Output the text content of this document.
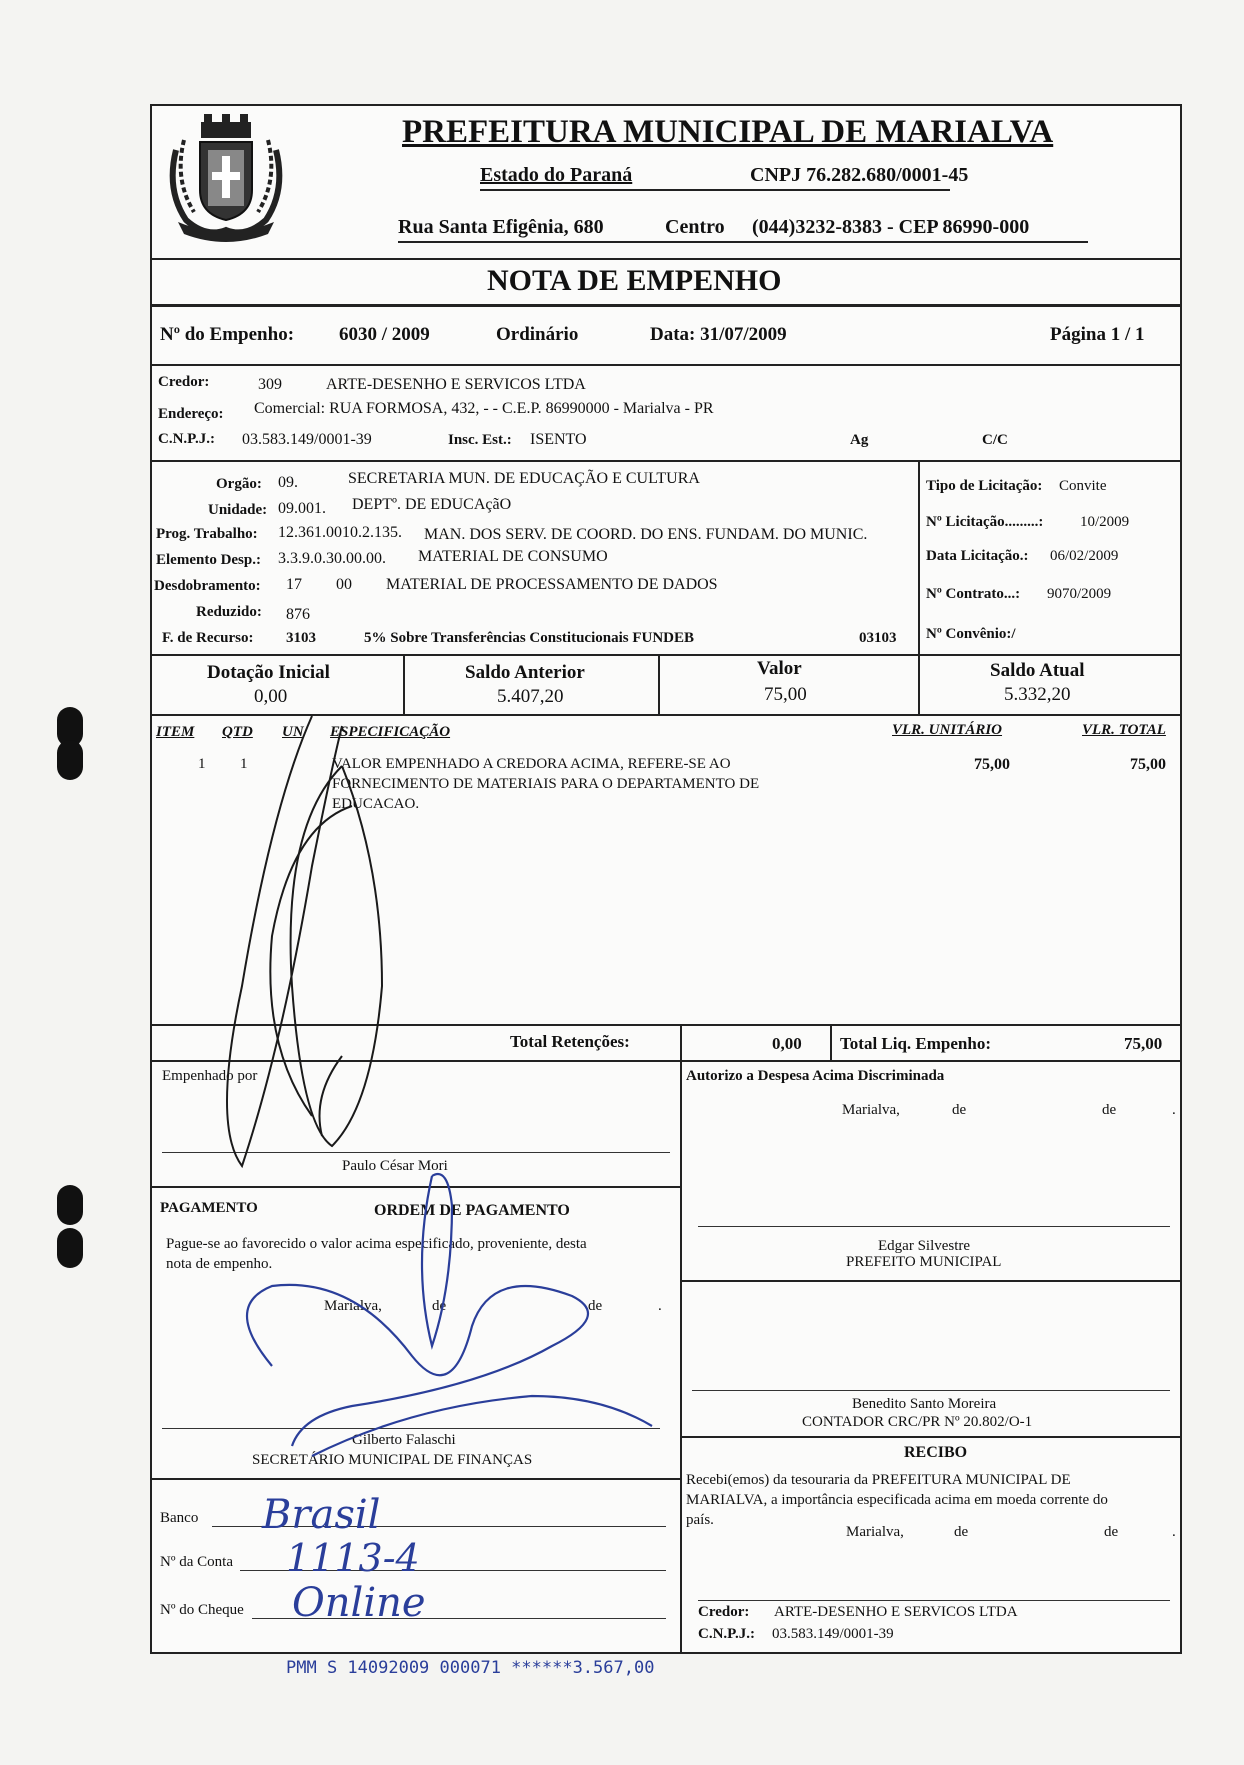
PREFEITURA MUNICIPAL DE MARIALVA
Estado do Paraná	CNPJ 76.282.680/0001-45
Rua Santa Efigênia, 680	Centro (044)3232-8383 - CEP 86990-000
NOTA DE EMPENHO
Nº do Empenho: 6030 / 2009	Ordinário	Data: 31/07/2009	Página 1 / 1
Credor:	309	ARTE-DESENHO E SERVICOS LTDA
Endereço: Comercial: RUA FORMOSA, 432, - - C.E.P. 86990000 - Marialva - PR
C.N.P.J.: 03.583.149/0001-39	Insc. Est.: ISENTO	Ag	C/C
Orgão: 09.	SECRETARIA MUN. DE EDUCAÇÃO E CULTURA
Unidade: 09.001. DEPTº. DE EDUCAçãO
Prog. Trabalho: 12.361.0010.2.135. MAN. DOS SERV. DE COORD. DO ENS. FUNDAM. DO MUNIC.
Elemento Desp.: 3.3.9.0.30.00.00. MATERIAL DE CONSUMO
Desdobramento: 17 00 MATERIAL DE PROCESSAMENTO DE DADOS
Reduzido: 876
F. de Recurso: 3103	5% Sobre Transferências Constitucionais FUNDEB	03103
Tipo de Licitação: Convite
Nº Licitação.........: 10/2009
Data Licitação.: 06/02/2009
Nº Contrato...: 9070/2009
Nº Convênio:/
Dotação Inicial
0,00
Saldo Anterior
5.407,20
Valor
75,00
Saldo Atual
5.332,20
ITEM QTD UN ESPECIFICAÇÃO	VLR. UNITÁRIO	VLR. TOTAL
1 1	VALOR EMPENHADO A CREDORA ACIMA, REFERE-SE AO
FORNECIMENTO DE MATERIAIS PARA O DEPARTAMENTO DE
EDUCACAO.
75,00	75,00
Total Retenções:	0,00 Total Liq. Empenho:	75,00
Empenhado por
Paulo César Mori
PAGAMENTO	ORDEM DE PAGAMENTO
Pague-se ao favorecido o valor acima especificado, proveniente, desta
nota de empenho.
Marialva,	de	de	.
Gilberto Falaschi
SECRETÁRIO MUNICIPAL DE FINANÇAS
Banco Brasil
Nº da Conta 1113-4
Nº do Cheque Online
Autorizo a Despesa Acima Discriminada
Marialva,	de	de	.
Edgar Silvestre
PREFEITO MUNICIPAL
Benedito Santo Moreira
CONTADOR CRC/PR Nº 20.802/O-1
RECIBO
Recebi(emos) da tesouraria da PREFEITURA MUNICIPAL DE
MARIALVA, a importância especificada acima em moeda corrente do
país.
Marialva,	de	de	.
Credor: ARTE-DESENHO E SERVICOS LTDA
C.N.P.J.: 03.583.149/0001-39
PMM S 14092009 000071 ******3.567,00
